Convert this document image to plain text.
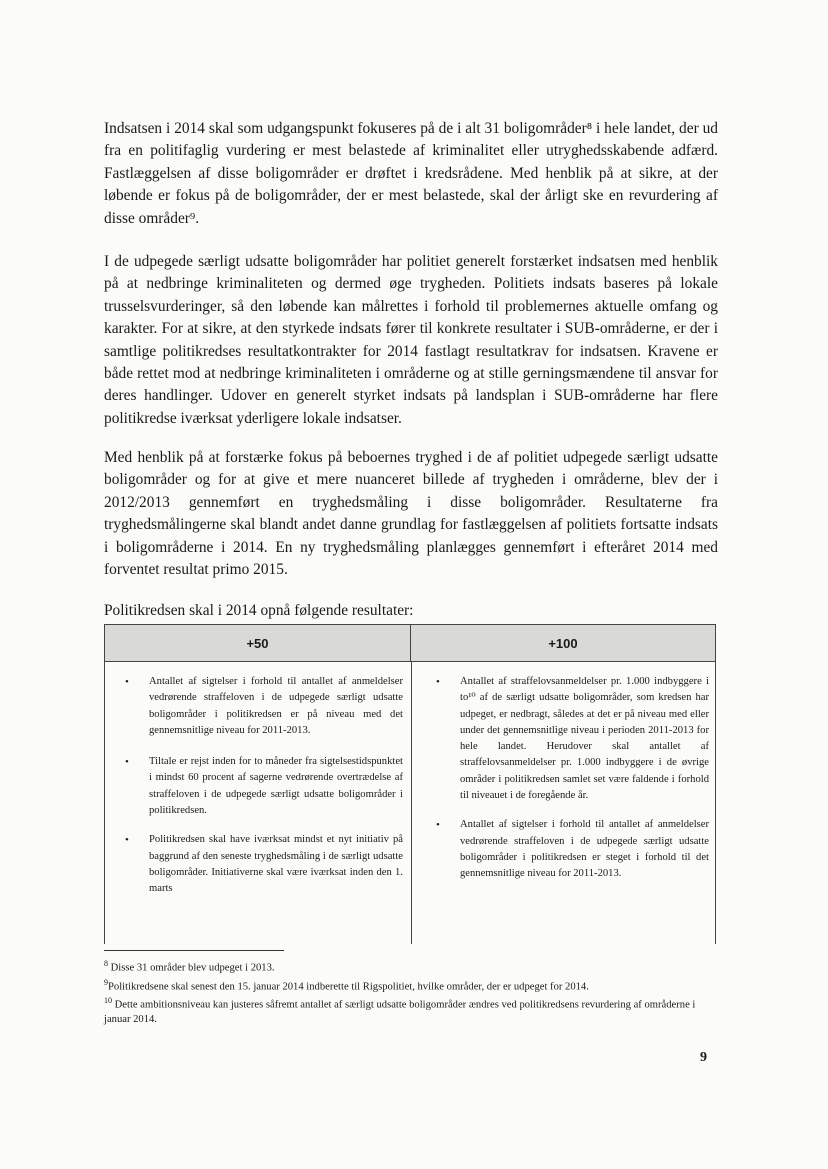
Indsatsen i 2014 skal som udgangspunkt fokuseres på de i alt 31 boligområder⁸ i hele landet, der ud fra en politifaglig vurdering er mest belastede af kriminalitet eller utryghedsskabende adfærd. Fastlæggelsen af disse boligområder er drøftet i kredsrådene. Med henblik på at sikre, at der løbende er fokus på de boligområder, der er mest belastede, skal der årligt ske en revurdering af disse områder⁹.

I de udpegede særligt udsatte boligområder har politiet generelt forstærket indsatsen med henblik på at nedbringe kriminaliteten og dermed øge trygheden. Politiets indsats baseres på lokale trusselsvurderinger, så den løbende kan målrettes i forhold til problemernes aktuelle omfang og karakter. For at sikre, at den styrkede indsats fører til konkrete resultater i SUB-områderne, er der i samtlige politikredses resultatkontrakter for 2014 fastlagt resultatkrav for indsatsen. Kravene er både rettet mod at nedbringe kriminaliteten i områderne og at stille gerningsmændene til ansvar for deres handlinger. Udover en generelt styrket indsats på landsplan i SUB-områderne har flere politikredse iværksat yderligere lokale indsatser.

Med henblik på at forstærke fokus på beboernes tryghed i de af politiet udpegede særligt udsatte boligområder og for at give et mere nuanceret billede af trygheden i områderne, blev der i 2012/2013 gennemført en tryghedsmåling i disse boligområder. Resultaterne fra tryghedsmålingerne skal blandt andet danne grundlag for fastlæggelsen af politiets fortsatte indsats i boligområderne i 2014. En ny tryghedsmåling planlægges gennemført i efteråret 2014 med forventet resultat primo 2015.

Politikredsen skal i 2014 opnå følgende resultater:

+50	+100
• Antallet af sigtelser i forhold til antallet af anmeldelser vedrørende straffeloven i de udpegede særligt udsatte boligområder i politikredsen er på niveau med det gennemsnitlige niveau for 2011-2013.
• Tiltale er rejst inden for to måneder fra sigtelsestidspunktet i mindst 60 procent af sagerne vedrørende overtrædelse af straffeloven i de udpegede særligt udsatte boligområder i politikredsen.
• Politikredsen skal have iværksat mindst et nyt initiativ på baggrund af den seneste tryghedsmåling i de særligt udsatte boligområder. Initiativerne skal være iværksat inden den 1. marts
• Antallet af straffelovsanmeldelser pr. 1.000 indbyggere i to¹⁰ af de særligt udsatte boligområder, som kredsen har udpeget, er nedbragt, således at det er på niveau med eller under det gennemsnitlige niveau i perioden 2011-2013 for hele landet. Herudover skal antallet af straffelovsanmeldelser pr. 1.000 indbyggere i de øvrige områder i politikredsen samlet set være faldende i forhold til niveauet i de foregående år.
• Antallet af sigtelser i forhold til antallet af anmeldelser vedrørende straffeloven i de udpegede særligt udsatte boligområder i politikredsen er steget i forhold til det gennemsnitlige niveau for 2011-2013.

$^8$ Disse 31 områder blev udpeget i 2013.

$^9$Politikredsene skal senest den 15. januar 2014 indberette til Rigspolitiet, hvilke områder, der er udpeget for 2014.

$^{10}$ Dette ambitionsniveau kan justeres såfremt antallet af særligt udsatte boligområder ændres ved politikredsens revurdering af områderne i januar 2014.

9
